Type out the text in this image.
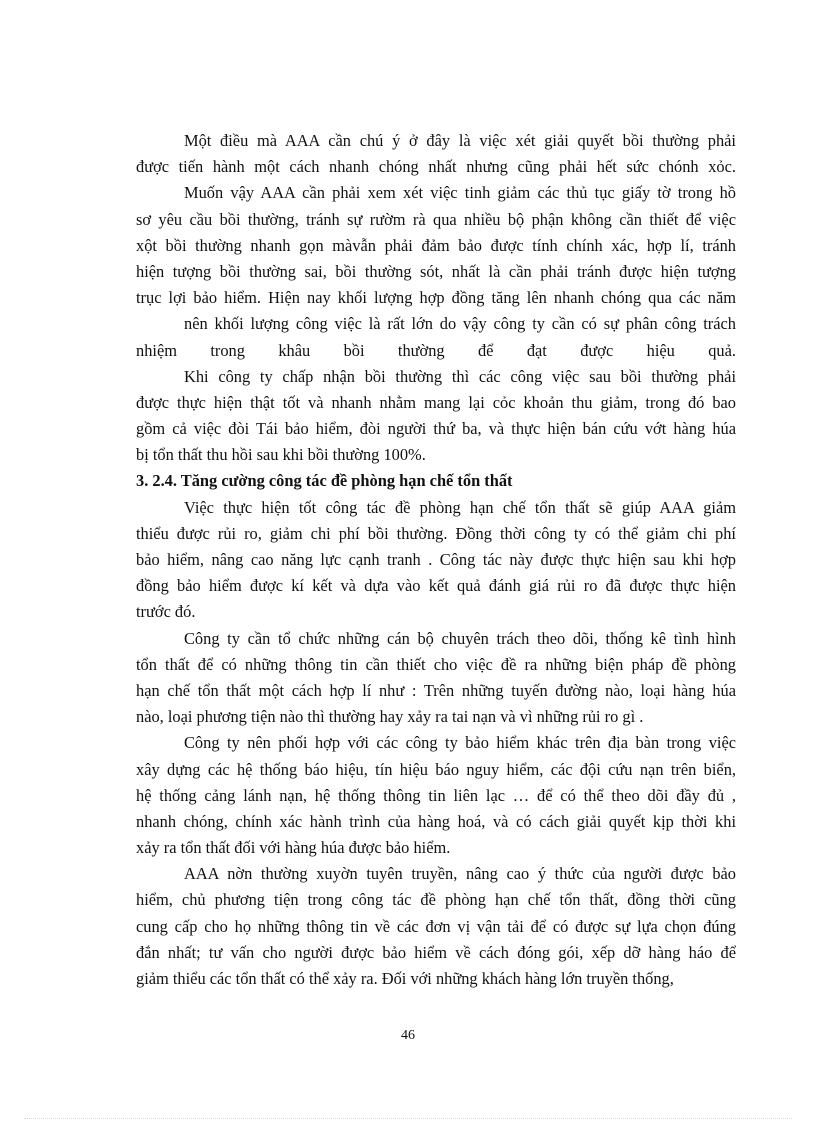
Một điều mà AAA cần chú ý ở đây là việc xét giải quyết bồi thường phải
được tiến hành một cách nhanh chóng nhất nhưng cũng phải hết sức chónh xỏc.
Muốn vậy AAA cần phải xem xét việc tinh giảm các thủ tục giấy tờ trong hồ
sơ yêu cầu bồi thường, tránh sự rườm rà qua nhiều bộ phận không cần thiết để việc
xột bồi thường nhanh gọn màvẫn phải đảm bảo được tính chính xác, hợp lí, tránh
hiện tượng bồi thường sai, bồi thường sót, nhất là cần phải tránh được hiện tượng
trục lợi bảo hiểm. Hiện nay khối lượng hợp đồng tăng lên nhanh chóng qua các năm
nên khối lượng công việc là rất lớn do vậy công ty cần có sự phân công trách
nhiệm trong khâu bồi thường để đạt được hiệu quả.
Khi công ty chấp nhận bồi thường thì các công việc sau bồi thường phải
được thực hiện thật tốt và nhanh nhằm mang lại cỏc khoản thu giảm, trong đó bao
gồm cả việc đòi Tái bảo hiểm, đòi người thứ ba, và thực hiện bán cứu vớt hàng húa
bị tổn thất thu hồi sau khi bồi thường 100%.
3. 2.4. Tăng cường công tác đề phòng hạn chế tổn thất
Việc thực hiện tốt công tác đề phòng hạn chế tổn thất sẽ giúp AAA giảm
thiểu được rủi ro, giảm chi phí bồi thường. Đồng thời công ty có thể giảm chi phí
bảo hiểm, nâng cao năng lực cạnh tranh . Công tác này được thực hiện sau khi hợp
đồng bảo hiểm được kí kết và dựa vào kết quả đánh giá rủi ro đã được thực hiện
trước đó.
Công ty cần tổ chức những cán bộ chuyên trách theo dõi, thống kê tình hình
tổn thất để có những thông tin cần thiết cho việc đề ra những biện pháp đề phòng
hạn chế tổn thất một cách hợp lí như : Trên những tuyến đường nào, loại hàng húa
nào, loại phương tiện nào thì thường hay xảy ra tai nạn và vì những rủi ro gì .
Công ty nên phối hợp với các công ty bảo hiểm khác trên địa bàn trong việc
xây dựng các hệ thống báo hiệu, tín hiệu báo nguy hiểm, các đội cứu nạn trên biển,
hệ thống cảng lánh nạn, hệ thống thông tin liên lạc … để có thể theo dõi đầy đủ ,
nhanh chóng, chính xác hành trình của hàng hoá, và có cách giải quyết kịp thời khi
xảy ra tổn thất đối với hàng húa được bảo hiểm.
AAA nờn thường xuyờn tuyên truyền, nâng cao ý thức của người được bảo
hiểm, chủ phương tiện trong công tác đề phòng hạn chế tổn thất, đồng thời cũng
cung cấp cho họ những thông tin về các đơn vị vận tải để có được sự lựa chọn đúng
đắn nhất; tư vấn cho người được bảo hiểm về cách đóng gói, xếp dỡ hàng háo để
giảm thiểu các tổn thất có thể xảy ra. Đối với những khách hàng lớn truyền thống,
46
